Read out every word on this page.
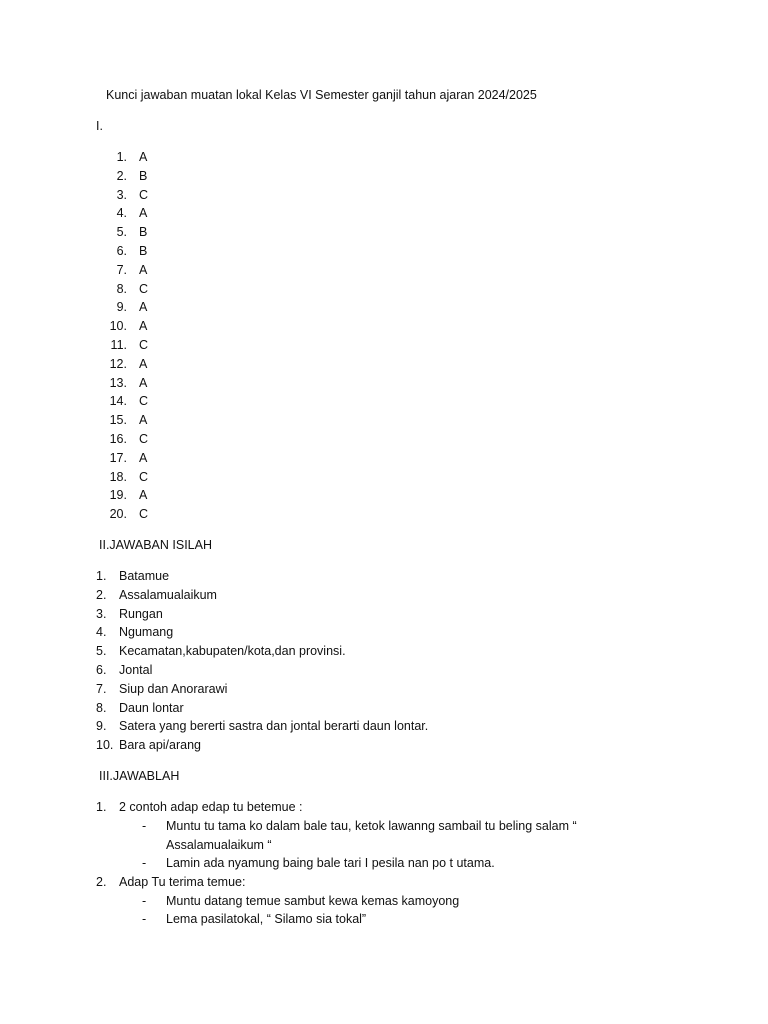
Kunci jawaban muatan lokal Kelas VI Semester ganjil tahun ajaran 2024/2025
I.
1. A
2. B
3. C
4. A
5. B
6. B
7. A
8. C
9. A
10. A
11. C
12. A
13. A
14. C
15. A
16. C
17. A
18. C
19. A
20. C
II.JAWABAN ISILAH
1. Batamue
2. Assalamualaikum
3. Rungan
4. Ngumang
5. Kecamatan,kabupaten/kota,dan provinsi.
6. Jontal
7. Siup dan Anorarawi
8. Daun lontar
9. Satera yang bererti sastra dan jontal berarti daun lontar.
10. Bara api/arang
III.JAWABLAH
1. 2 contoh adap edap tu betemue :
- Muntu tu tama ko dalam bale tau, ketok lawanng sambail tu beling salam “
Assalamualaikum “
- Lamin ada nyamung baing bale tari I pesila nan po t utama.
2. Adap Tu terima temue:
- Muntu datang temue sambut kewa kemas kamoyong
- Lema pasilatokal, “ Silamo sia tokal”
